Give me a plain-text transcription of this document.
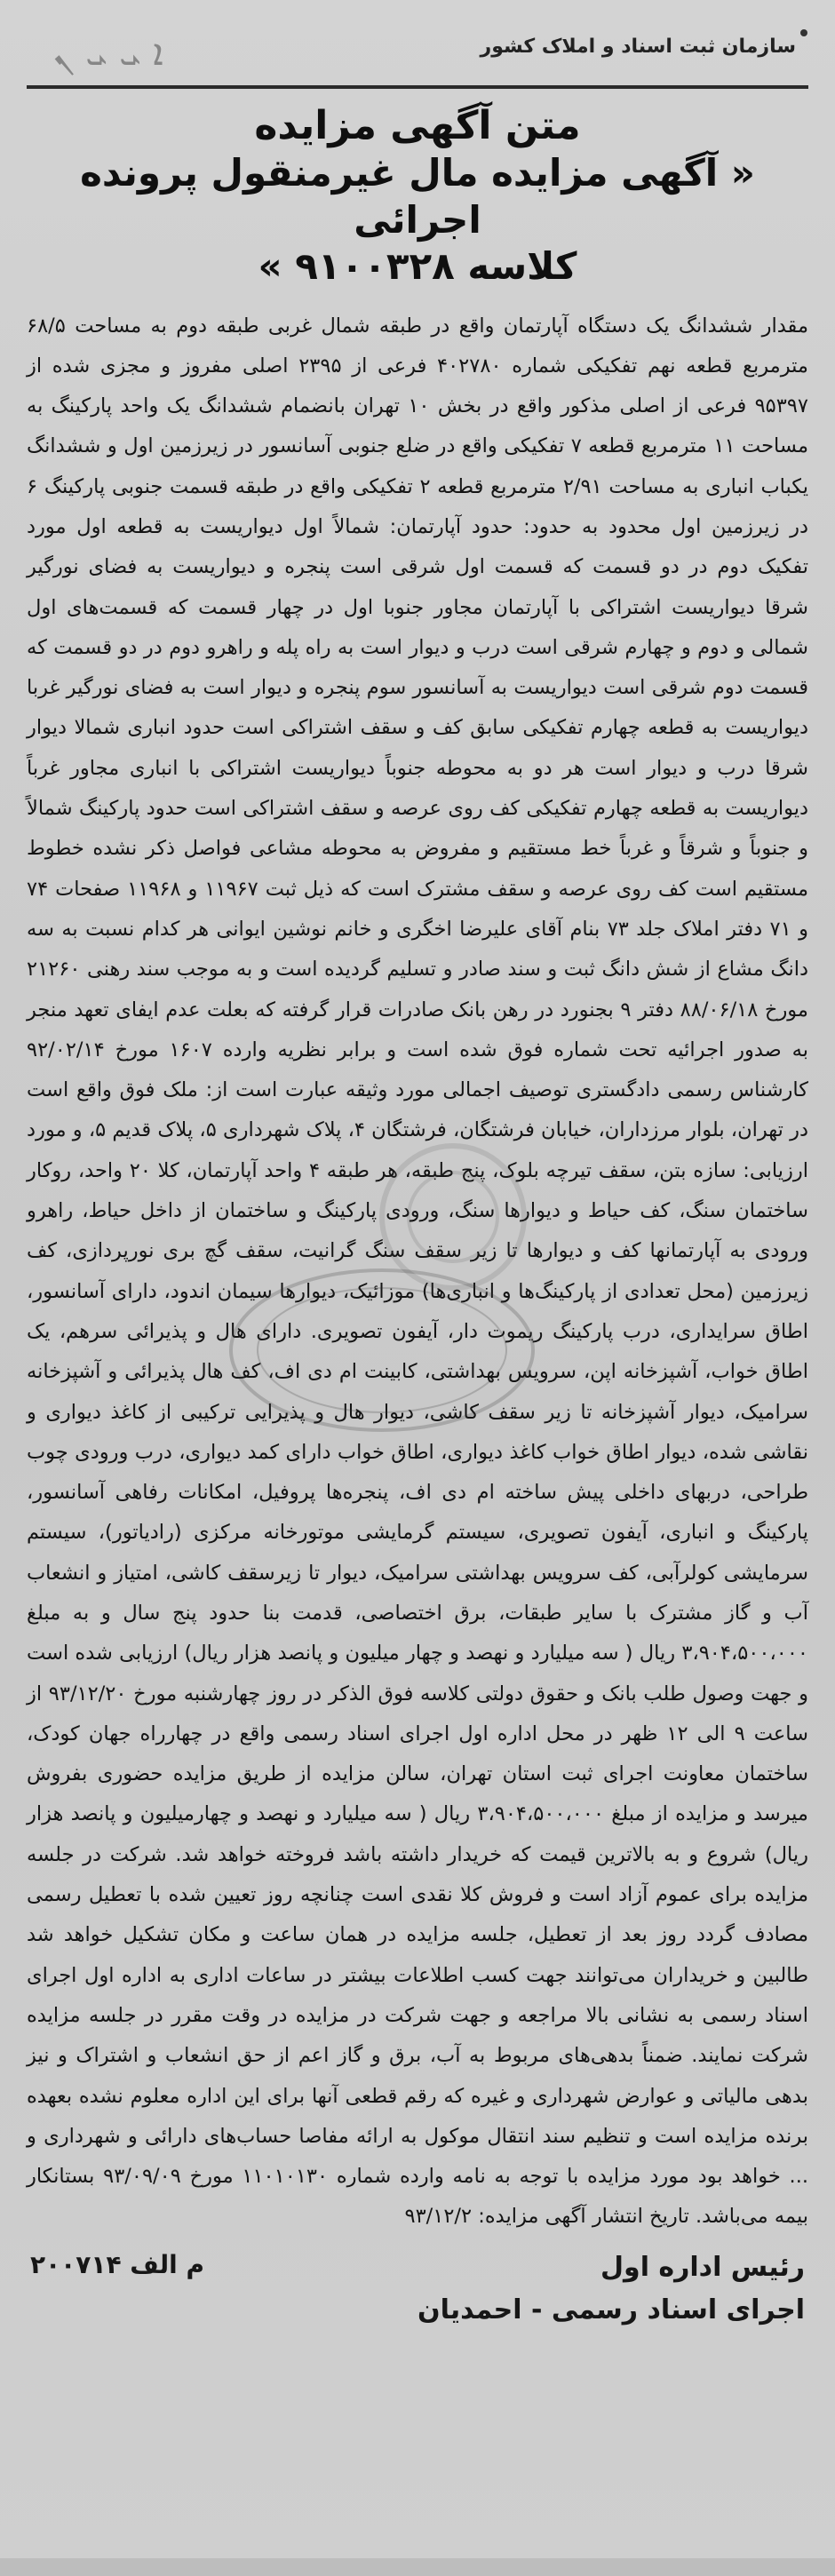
ܐ ܝ ܝ ܢ	سازمان ثبت اسناد و املاک کشور
متن آگهی مزایده
« آگهی مزایده مال غیرمنقول پرونده اجرائی
کلاسه ۹۱۰۰۳۲۸ »

مقدار ششدانگ یک دستگاه آپارتمان واقع در طبقه شمال غربی طبقه دوم به مساحت ۶۸/۵ مترمربع قطعه نهم تفکیکی شماره ۴۰۲۷۸۰ فرعی از ۲۳۹۵ اصلی مفروز و مجزی شده از ۹۵۳۹۷ فرعی از اصلی مذکور واقع در بخش ۱۰ تهران بانضمام ششدانگ یک واحد پارکینگ به مساحت ۱۱ مترمربع قطعه ۷ تفکیکی واقع در ضلع جنوبی آسانسور در زیرزمین اول و ششدانگ یکباب انباری به مساحت ۲/۹۱ مترمربع قطعه ۲ تفکیکی واقع در طبقه قسمت جنوبی پارکینگ ۶ در زیرزمین اول محدود به حدود: حدود آپارتمان: شمالاً اول دیواریست به قطعه اول مورد تفکیک دوم در دو قسمت که قسمت اول شرقی است پنجره و دیواریست به فضای نورگیر شرقا دیواریست اشتراکی با آپارتمان مجاور جنوبا اول در چهار قسمت که قسمت‌های اول شمالی و دوم و چهارم شرقی است درب و دیوار است به راه پله و راهرو دوم در دو قسمت که قسمت دوم شرقی است دیواریست به آسانسور سوم پنجره و دیوار است به فضای نورگیر غربا دیواریست به قطعه چهارم تفکیکی سابق کف و سقف اشتراکی است حدود انباری شمالا دیوار شرقا درب و دیوار است هر دو به محوطه جنوباً دیواریست اشتراکی با انباری مجاور غرباً دیواریست به قطعه چهارم تفکیکی کف روی عرصه و سقف اشتراکی است حدود پارکینگ شمالاً و جنوباً و شرقاً و غرباً خط مستقیم و مفروض به محوطه مشاعی فواصل ذکر نشده خطوط مستقیم است کف روی عرصه و سقف مشترک است که ذیل ثبت ۱۱۹۶۷ و ۱۱۹۶۸ صفحات ۷۴ و ۷۱ دفتر املاک جلد ۷۳ بنام آقای علیرضا اخگری و خانم نوشین ایوانی هر کدام نسبت به سه دانگ مشاع از شش دانگ ثبت و سند صادر و تسلیم گردیده است و به موجب سند رهنی ۲۱۲۶۰ مورخ ۸۸/۰۶/۱۸ دفتر ۹ بجنورد در رهن بانک صادرات قرار گرفته که بعلت عدم ایفای تعهد منجر به صدور اجرائیه تحت شماره فوق شده است و برابر نظریه وارده ۱۶۰۷ مورخ ۹۲/۰۲/۱۴ کارشناس رسمی دادگستری توصیف اجمالی مورد وثیقه عبارت است از: ملک فوق واقع است در تهران، بلوار مرزداران، خیابان فرشتگان، فرشتگان ۴، پلاک شهرداری ۵، پلاک قدیم ۵، و مورد ارزیابی: سازه بتن، سقف تیرچه بلوک، پنج طبقه، هر طبقه ۴ واحد آپارتمان، کلا ۲۰ واحد، روکار ساختمان سنگ، کف حیاط و دیوارها سنگ، ورودی پارکینگ و ساختمان از داخل حیاط، راهرو ورودی به آپارتمانها کف و دیوارها تا زیر سقف سنگ گرانیت، سقف گچ بری نورپردازی، کف زیرزمین (محل تعدادی از پارکینگ‌ها و انباری‌ها) موزائیک، دیوارها سیمان اندود، دارای آسانسور، اطاق سرایداری، درب پارکینگ ریموت دار، آیفون تصویری. دارای هال و پذیرائی سرهم، یک اطاق خواب، آشپزخانه اپن، سرویس بهداشتی، کابینت ام دی اف، کف هال پذیرائی و آشپزخانه سرامیک، دیوار آشپزخانه تا زیر سقف کاشی، دیوار هال و پذیرایی ترکیبی از کاغذ دیواری و نقاشی شده، دیوار اطاق خواب کاغذ دیواری، اطاق خواب دارای کمد دیواری، درب ورودی چوب طراحی، دربهای داخلی پیش ساخته ام دی اف، پنجره‌ها پروفیل، امکانات رفاهی آسانسور، پارکینگ و انباری، آیفون تصویری، سیستم گرمایشی موتورخانه مرکزی (رادیاتور)، سیستم سرمایشی کولرآبی، کف سرویس بهداشتی سرامیک، دیوار تا زیرسقف کاشی، امتیاز و انشعاب آب و گاز مشترک با سایر طبقات، برق اختصاصی، قدمت بنا حدود پنج سال و به مبلغ ۳،۹۰۴،۵۰۰،۰۰۰ ریال ( سه میلیارد و نهصد و چهار میلیون و پانصد هزار ریال) ارزیابی شده است و جهت وصول طلب بانک و حقوق دولتی کلاسه فوق الذکر در روز چهارشنبه مورخ ۹۳/۱۲/۲۰ از ساعت ۹ الی ۱۲ ظهر در محل اداره اول اجرای اسناد رسمی واقع در چهارراه جهان کودک، ساختمان معاونت اجرای ثبت استان تهران، سالن مزایده از طریق مزایده حضوری بفروش میرسد و مزایده از مبلغ ۳،۹۰۴،۵۰۰،۰۰۰ ریال ( سه میلیارد و نهصد و چهارمیلیون و پانصد هزار ریال) شروع و به بالاترین قیمت که خریدار داشته باشد فروخته خواهد شد. شرکت در جلسه مزایده برای عموم آزاد است و فروش کلا نقدی است چنانچه روز تعیین شده با تعطیل رسمی مصادف گردد روز بعد از تعطیل، جلسه مزایده در همان ساعت و مکان تشکیل خواهد شد طالبین و خریداران می‌توانند جهت کسب اطلاعات بیشتر در ساعات اداری به اداره اول اجرای اسناد رسمی به نشانی بالا مراجعه و جهت شرکت در مزایده در وقت مقرر در جلسه مزایده شرکت نمایند. ضمناً بدهی‌های مربوط به آب، برق و گاز اعم از حق انشعاب و اشتراک و نیز بدهی مالیاتی و عوارض شهرداری و غیره که رقم قطعی آنها برای این اداره معلوم نشده بعهده برنده مزایده است و تنظیم سند انتقال موکول به ارائه مفاصا حساب‌های دارائی و شهرداری و ... خواهد بود مورد مزایده با توجه به نامه وارده شماره ۱۱۰۱۰۱۳۰ مورخ ۹۳/۰۹/۰۹ بستانکار بیمه می‌باشد. تاریخ انتشار آگهی مزایده: ۹۳/۱۲/۲

م الف ۲۰۰۷۱۴	رئیس اداره اول
اجرای اسناد رسمی - احمدیان
